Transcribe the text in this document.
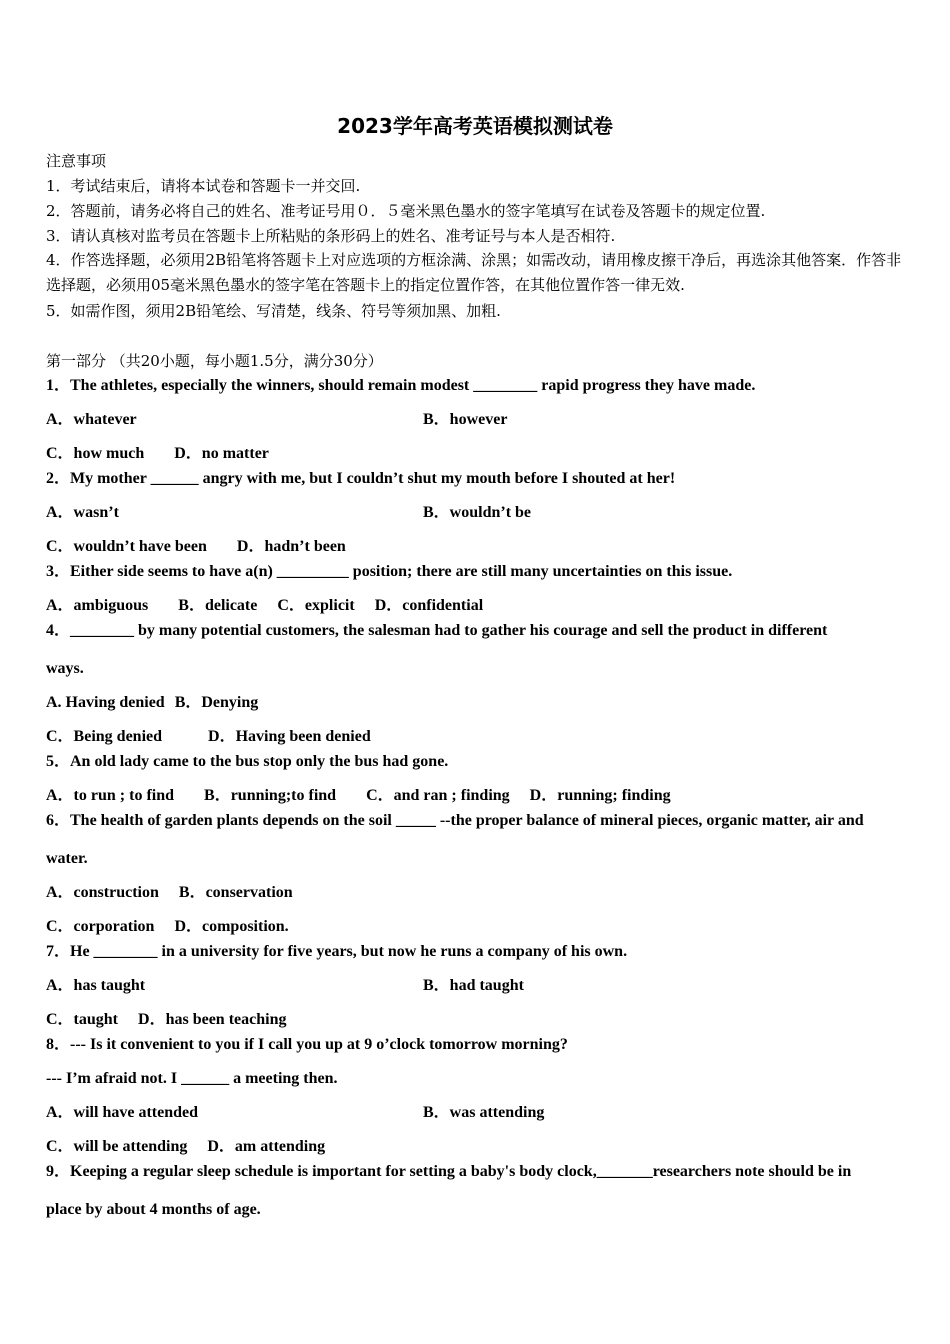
2023学年高考英语模拟测试卷
注意事项
1．考试结束后，请将本试卷和答题卡一并交回.
2．答题前，请务必将自己的姓名、准考证号用０．５毫米黑色墨水的签字笔填写在试卷及答题卡的规定位置.
3．请认真核对监考员在答题卡上所粘贴的条形码上的姓名、准考证号与本人是否相符.
4．作答选择题，必须用2B铅笔将答题卡上对应选项的方框涂满、涂黑；如需改动，请用橡皮擦干净后，再选涂其他答案．作答非选择题，必须用05毫米黑色墨水的签字笔在答题卡上的指定位置作答，在其他位置作答一律无效.
5．如需作图，须用2B铅笔绘、写清楚，线条、符号等须加黑、加粗.
第一部分 （共20小题，每小题1.5分，满分30分）
1．The athletes, especially the winners, should remain modest ________ rapid progress they have made.
A．whatever	B．however
C．how much D．no matter
2．My mother ______ angry with me, but I couldn’t shut my mouth before I shouted at her!
A．wasn’t	B．wouldn’t be
C．wouldn’t have been D．hadn’t been
3．Either side seems to have a(n) _________ position; there are still many uncertainties on this issue.
A．ambiguous B．delicate C．explicit D．confidential
4．________ by many potential customers, the salesman had to gather his courage and sell the product in different
ways.
A. Having denied B．Denying
C．Being denied	D．Having been denied
5．An old lady came to the bus stop only the bus had gone.
A．to run ; to find B．running;to find C．and ran ; finding D．running; finding
6．The health of garden plants depends on the soil _____ --the proper balance of mineral pieces, organic matter, air and
water.
A．construction B．conservation
C．corporation D．composition.
7．He ________ in a university for five years, but now he runs a company of his own.
A．has taught	B．had taught
C．taught D．has been teaching
8．--- Is it convenient to you if I call you up at 9 o’clock tomorrow morning?
--- I’m afraid not. I ______ a meeting then.
A．will have attended	B．was attending
C．will be attending D．am attending
9．Keeping a regular sleep schedule is important for setting a baby's body clock,_______researchers note should be in
place by about 4 months of age.
